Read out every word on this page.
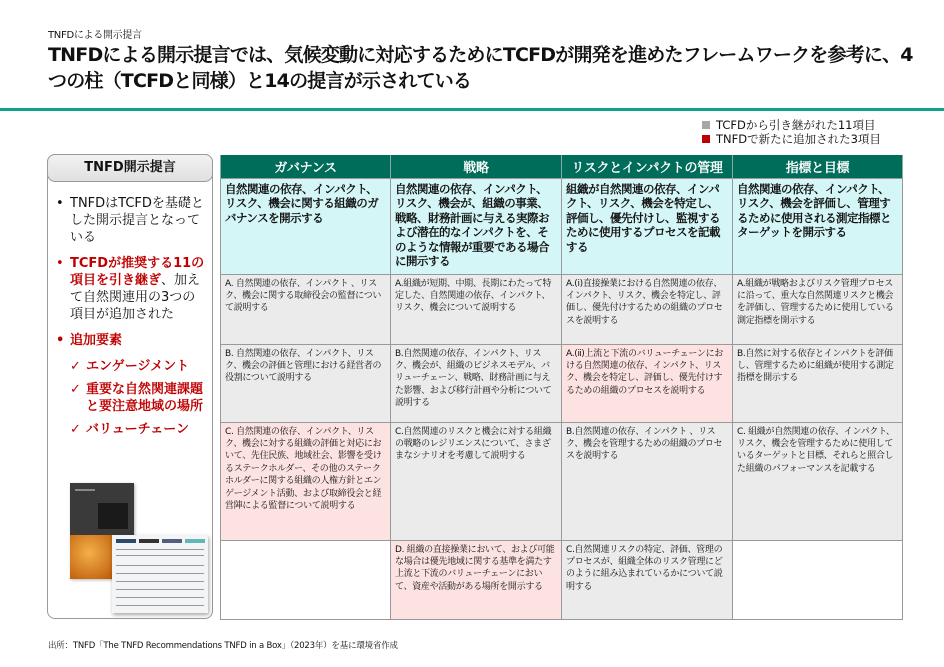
TNFDによる開示提言
TNFDによる開示提言では、気候変動に対応するためにTCFDが開発を進めたフレームワークを参考に、4つの柱（TCFDと同様）と14の提言が示されている
TCFDから引き継がれた11項目
TNFDで新たに追加された3項目
TNFD開示提言
• TNFDはTCFDを基礎とした開示提言となっている
• TCFDが推奨する11の項目を引き継ぎ、加えて自然関連用の3つの項目が追加された
• 追加要素
✓ エンゲージメント
✓ 重要な自然関連課題と要注意地域の場所
✓ バリューチェーン
ガバナンス	戦略	リスクとインパクトの管理	指標と目標
自然関連の依存、インパクト、リスク、機会に関する組織のガバナンスを開示する	自然関連の依存、インパクト、リスク、機会が、組織の事業、戦略、財務計画に与える実際および潜在的なインパクトを、そのような情報が重要である場合に開示する	組織が自然関連の依存、インパクト、リスク、機会を特定し、評価し、優先付けし、監視するために使用するプロセスを記載する	自然関連の依存、インパクト、リスク、機会を評価し、管理するために使用される測定指標とターゲットを開示する
A. 自然関連の依存、インパクト 、リスク、機会に関する取締役会の監督について説明する	A.組織が短期、中期、長期にわたって特定した、自然関連の依存、インパクト、リスク、機会について説明する	A.(ⅰ)直接操業における自然関連の依存、インパクト、リスク、機会を特定し、評価し、優先付けするための組織のプロセスを説明する	A.組織が戦略およびリスク管理プロセスに沿って、重大な自然関連リスクと機会を評価し、管理するために使用している測定指標を開示する
B. 自然関連の依存、インパクト、リスク、機会の評価と管理における経営者の役割について説明する	B.自然関連の依存、インパクト、リスク、機会が、組織のビジネスモデル、バリューチェーン、戦略、財務計画に与えた影響、および移行計画や分析について説明する	A.(ⅱ)上流と下流のバリューチェーンにおける自然関連の依存、インパクト、リスク、機会を特定し、評価し、優先付けするための組織のプロセスを説明する	B.自然に対する依存とインパクトを評価し、管理するために組織が使用する測定指標を開示する
C. 自然関連の依存、インパクト、リスク、機会に対する組織の評価と対応において、先住民族、地域社会、影響を受けるステークホルダー、その他のステークホルダーに関する組織の人権方針とエンゲージメント活動、および取締役会と経営陣による監督について説明する	C.自然関連のリスクと機会に対する組織の戦略のレジリエンスについて、さまざまなシナリオを考慮して説明する	B.自然関連の依存、インパクト 、リスク、機会を管理するための組織のプロセスを説明する	C. 組織が自然関連の依存、インパクト、リスク、機会を管理するために使用しているターゲットと目標、それらと照合した組織のパフォーマンスを記載する
	D. 組織の直接操業において、および可能な場合は優先地域に関する基準を満たす上流と下流のバリューチェーンにおいて、資産や活動がある場所を開示する	C.自然関連リスクの特定、評価、管理のプロセスが、組織全体のリスク管理にどのように組み込まれているかについて説明する	
出所：TNFD「The TNFD Recommendations TNFD in a Box」（2023年）を基に環境省作成
